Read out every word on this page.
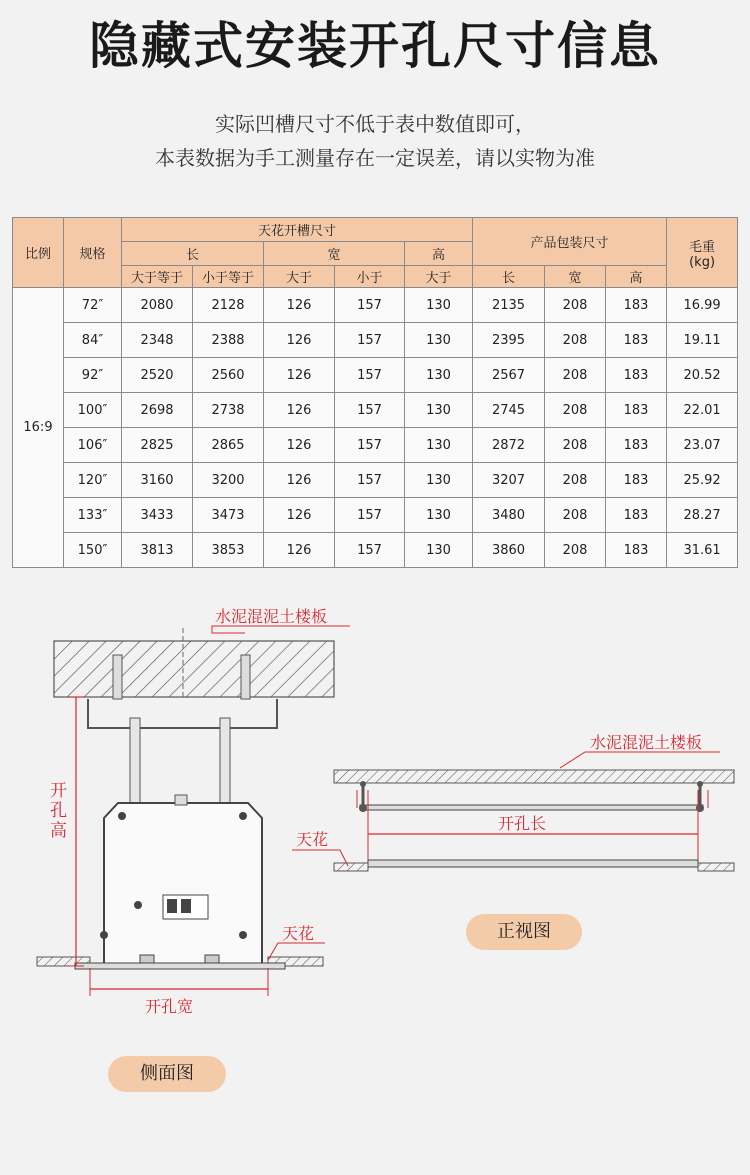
隐藏式安装开孔尺寸信息
实际凹槽尺寸不低于表中数值即可，
本表数据为手工测量存在一定误差，请以实物为准
比例	规格	天花开槽尺寸					产品包装尺寸			毛重
(kg)
		长		宽		高				
		大于等于	小于等于	大于	小于	大于	长	宽	高	
16:9	72″	2080	2128	126	157	130	2135	208	183	16.99
	84″	2348	2388	126	157	130	2395	208	183	19.11
	92″	2520	2560	126	157	130	2567	208	183	20.52
	100″	2698	2738	126	157	130	2745	208	183	22.01
	106″	2825	2865	126	157	130	2872	208	183	23.07
	120″	3160	3200	126	157	130	3207	208	183	25.92
	133″	3433	3473	126	157	130	3480	208	183	28.27
	150″	3813	3853	126	157	130	3860	208	183	31.61
水泥混泥土楼板
天花
开
孔
高
开孔宽
水泥混泥土楼板
天花
开孔长
正视图
侧面图
